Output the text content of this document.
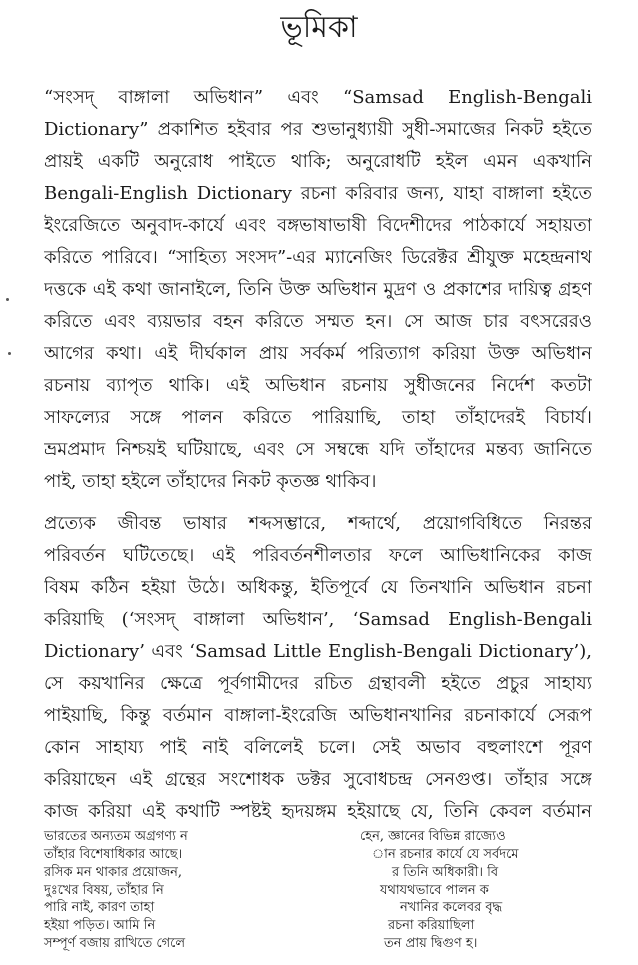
ভূমিকা
“সংসদ্‌ বাঙ্গালা অভিধান” এবং “Samsad English-Bengali
Dictionary” প্রকাশিত হইবার পর শুভানুধ্যায়ী সুধী-সমাজের নিকট হইতে
প্রায়ই একটি অনুরোধ পাইতে থাকি; অনুরোধটি হইল এমন একখানি
Bengali-English Dictionary রচনা করিবার জন্য, যাহা বাঙ্গালা হইতে
ইংরেজিতে অনুবাদ-কার্যে এবং বঙ্গভাষাভাষী বিদেশীদের পাঠকার্যে সহায়তা
করিতে পারিবে। “সাহিত্য সংসদ”-এর ম্যানেজিং ডিরেক্টর শ্রীযুক্ত মহেন্দ্রনাথ
দত্তকে এই কথা জানাইলে, তিনি উক্ত অভিধান মুদ্রণ ও প্রকাশের দায়িত্ব গ্রহণ
করিতে এবং ব্যয়ভার বহন করিতে সম্মত হন। সে আজ চার বৎসরেরও
আগের কথা। এই দীর্ঘকাল প্রায় সর্বকর্ম পরিত্যাগ করিয়া উক্ত অভিধান
রচনায় ব্যাপৃত থাকি। এই অভিধান রচনায় সুধীজনের নির্দেশ কতটা
সাফল্যের সঙ্গে পালন করিতে পারিয়াছি, তাহা তাঁহাদেরই বিচার্য।
ভ্রমপ্রমাদ নিশ্চয়ই ঘটিয়াছে, এবং সে সম্বন্ধে যদি তাঁহাদের মন্তব্য জানিতে
পাই, তাহা হইলে তাঁহাদের নিকট কৃতজ্ঞ থাকিব।
প্রত্যেক জীবন্ত ভাষার শব্দসম্ভারে, শব্দার্থে, প্রয়োগবিধিতে নিরন্তর
পরিবর্তন ঘটিতেছে। এই পরিবর্তনশীলতার ফলে আভিধানিকের কাজ
বিষম কঠিন হইয়া উঠে। অধিকন্তু, ইতিপূর্বে যে তিনখানি অভিধান রচনা
করিয়াছি (‘সংসদ্‌ বাঙ্গালা অভিধান’, ‘Samsad English-Bengali
Dictionary’ এবং ‘Samsad Little English-Bengali Dictionary’),
সে কয়খানির ক্ষেত্রে পূর্বগামীদের রচিত গ্রন্থাবলী হইতে প্রচুর সাহায্য
পাইয়াছি, কিন্তু বর্তমান বাঙ্গালা-ইংরেজি অভিধানখানির রচনাকার্যে সেরূপ
কোন সাহায্য পাই নাই বলিলেই চলে। সেই অভাব বহুলাংশে পূরণ
করিয়াছেন এই গ্রন্থের সংশোধক ডক্টর সুবোধচন্দ্র সেনগুপ্ত। তাঁহার সঙ্গে
কাজ করিয়া এই কথাটি স্পষ্টই হৃদয়ঙ্গম হইয়াছে যে, তিনি কেবল বর্তমান
ভারতের অন্যতম অগ্রগণ্য ন	হেন, জ্ঞানের বিভিন্ন রাজ্যেও
তাঁহার বিশেষাধিকার আছে।	ান রচনার কার্যে যে সর্বদমে
রসিক মন থাকার প্রয়োজন,	র তিনি অধিকারী। বি
দুঃখের বিষয়, তাঁহার নি	যথাযথভাবে পালন ক
পারি নাই, কারণ তাহা	নখানির কলেবর বৃদ্ধ
হইয়া পড়িত। আমি নি	রচনা করিয়াছিলা
সম্পূর্ণ বজায় রাখিতে গেলে	তন প্রায় দ্বিগুণ হ।
